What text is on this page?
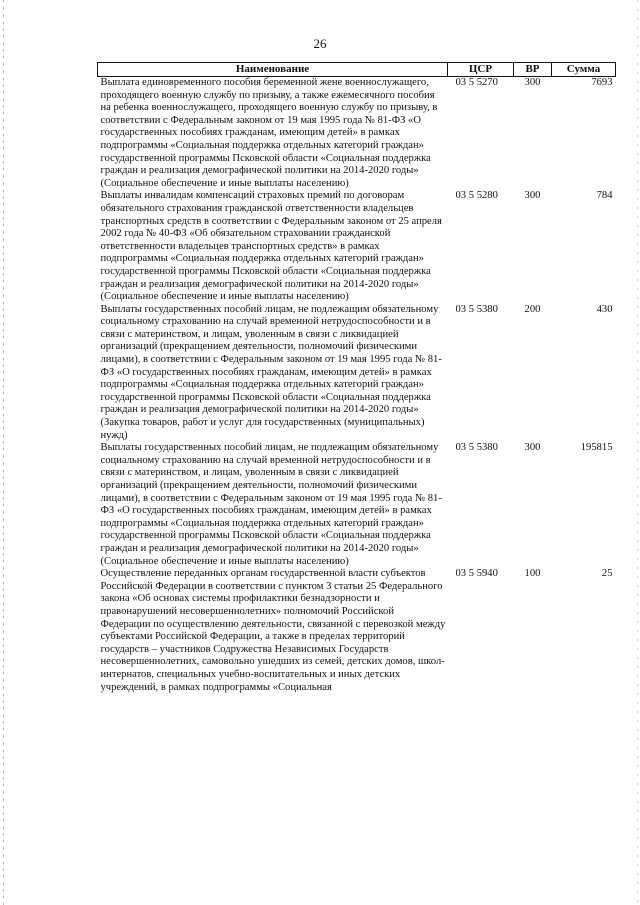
26
Наименование	ЦСР	ВР	Сумма
Выплата единовременного пособия беременной жене военнослужащего, проходящего военную службу по призыву, а также ежемесячного пособия на ребенка военнослужащего, проходящего военную службу по призыву, в соответствии с Федеральным законом от 19 мая 1995 года № 81-ФЗ «О государственных пособиях гражданам, имеющим детей» в рамках подпрограммы «Социальная поддержка отдельных категорий граждан» государственной программы Псковской области «Социальная поддержка граждан и реализация демографической политики на 2014-2020 годы» (Социальное обеспечение и иные выплаты населению)	03 5 5270	300	7693
Выплаты инвалидам компенсаций страховых премий по договорам обязательного страхования гражданской ответственности владельцев транспортных средств в соответствии с Федеральным законом от 25 апреля 2002 года № 40-ФЗ «Об обязательном страховании гражданской ответственности владельцев транспортных средств» в рамках подпрограммы «Социальная поддержка отдельных категорий граждан» государственной программы Псковской области «Социальная поддержка граждан и реализация демографической политики на 2014-2020 годы» (Социальное обеспечение и иные выплаты населению)	03 5 5280	300	784
Выплаты государственных пособий лицам, не подлежащим обязательному социальному страхованию на случай временной нетрудоспособности и в связи с материнством, и лицам, уволенным в связи с ликвидацией организаций (прекращением деятельности, полномочий физическими лицами), в соответствии с Федеральным законом от 19 мая 1995 года № 81-ФЗ «О государственных пособиях гражданам, имеющим детей» в рамках подпрограммы «Социальная поддержка отдельных категорий граждан» государственной программы Псковской области «Социальная поддержка граждан и реализация демографической политики на 2014-2020 годы» (Закупка товаров, работ и услуг для государственных (муниципальных) нужд)	03 5 5380	200	430
Выплаты государственных пособий лицам, не подлежащим обязательному социальному страхованию на случай временной нетрудоспособности и в связи с материнством, и лицам, уволенным в связи с ликвидацией организаций (прекращением деятельности, полномочий физическими лицами), в соответствии с Федеральным законом от 19 мая 1995 года № 81-ФЗ «О государственных пособиях гражданам, имеющим детей» в рамках подпрограммы «Социальная поддержка отдельных категорий граждан» государственной программы Псковской области «Социальная поддержка граждан и реализация демографической политики на 2014-2020 годы» (Социальное обеспечение и иные выплаты населению)	03 5 5380	300	195815
Осуществление переданных органам государственной власти субъектов Российской Федерации в соответствии с пунктом 3 статьи 25 Федерального закона «Об основах системы профилактики безнадзорности и правонарушений несовершеннолетних» полномочий Российской Федерации по осуществлению деятельности, связанной с перевозкой между субъектами Российской Федерации, а также в пределах территорий государств – участников Содружества Независимых Государств несовершеннолетних, самовольно ушедших из семей, детских домов, школ-интернатов, специальных учебно-воспитательных и иных детских учреждений, в рамках подпрограммы «Социальная	03 5 5940	100	25
